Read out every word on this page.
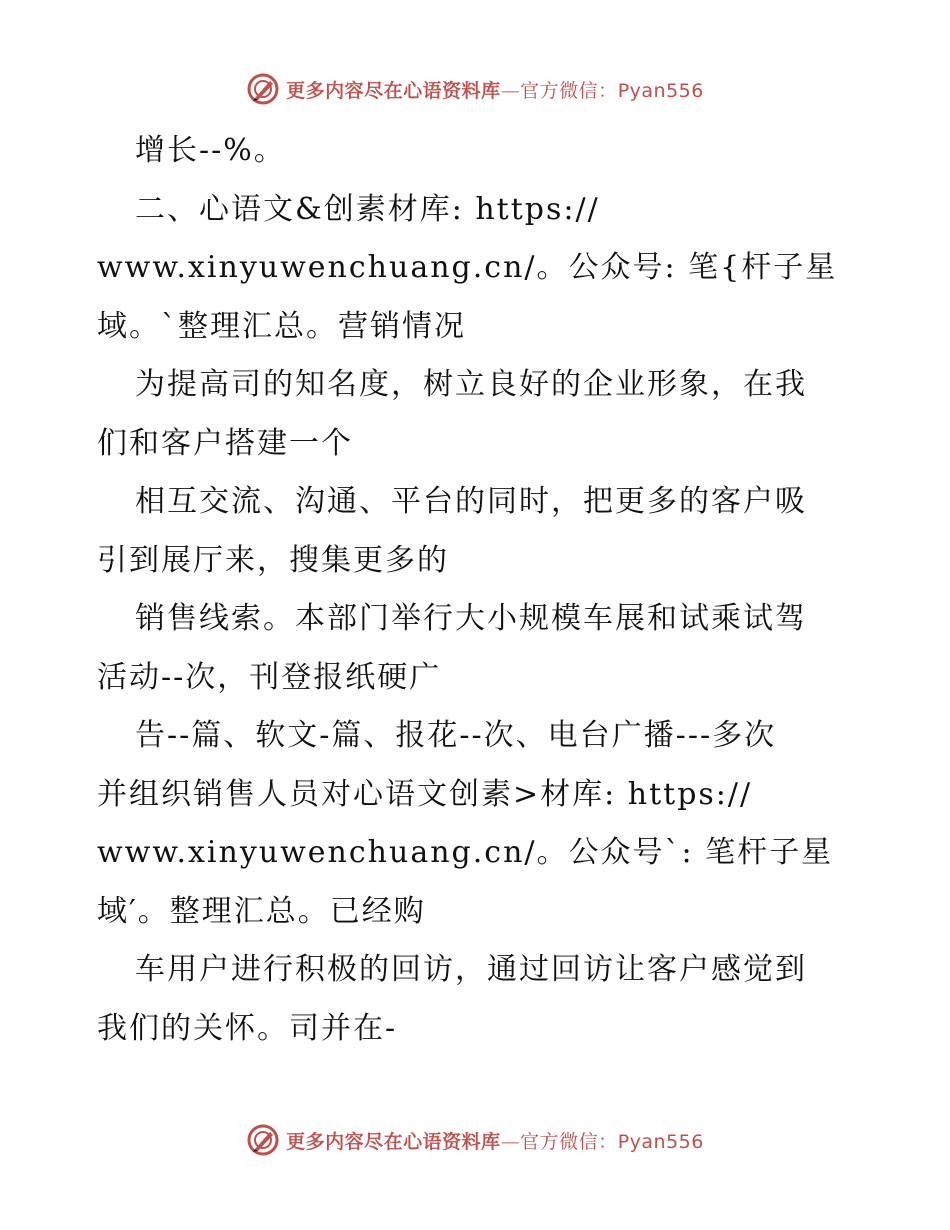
更多内容尽在心语资料库—官方微信：Pyan556
增长--%。
二、心语文&创素材库: https://
www.xinyuwenchuang.cn/。公众号: 笔{杆子星
域。`整理汇总。营销情况
为提高司的知名度，树立良好的企业形象，在我
们和客户搭建一个
相互交流、沟通、平台的同时，把更多的客户吸
引到展厅来，搜集更多的
销售线索。本部门举行大小规模车展和试乘试驾
活动--次，刊登报纸硬广
告--篇、软文-篇、报花--次、电台广播---多次
并组织销售人员对心语文创素>材库: https://
www.xinyuwenchuang.cn/。公众号`: 笔杆子星
域′。整理汇总。已经购
车用户进行积极的回访，通过回访让客户感觉到
我们的关怀。司并在-
更多内容尽在心语资料库—官方微信：Pyan556
